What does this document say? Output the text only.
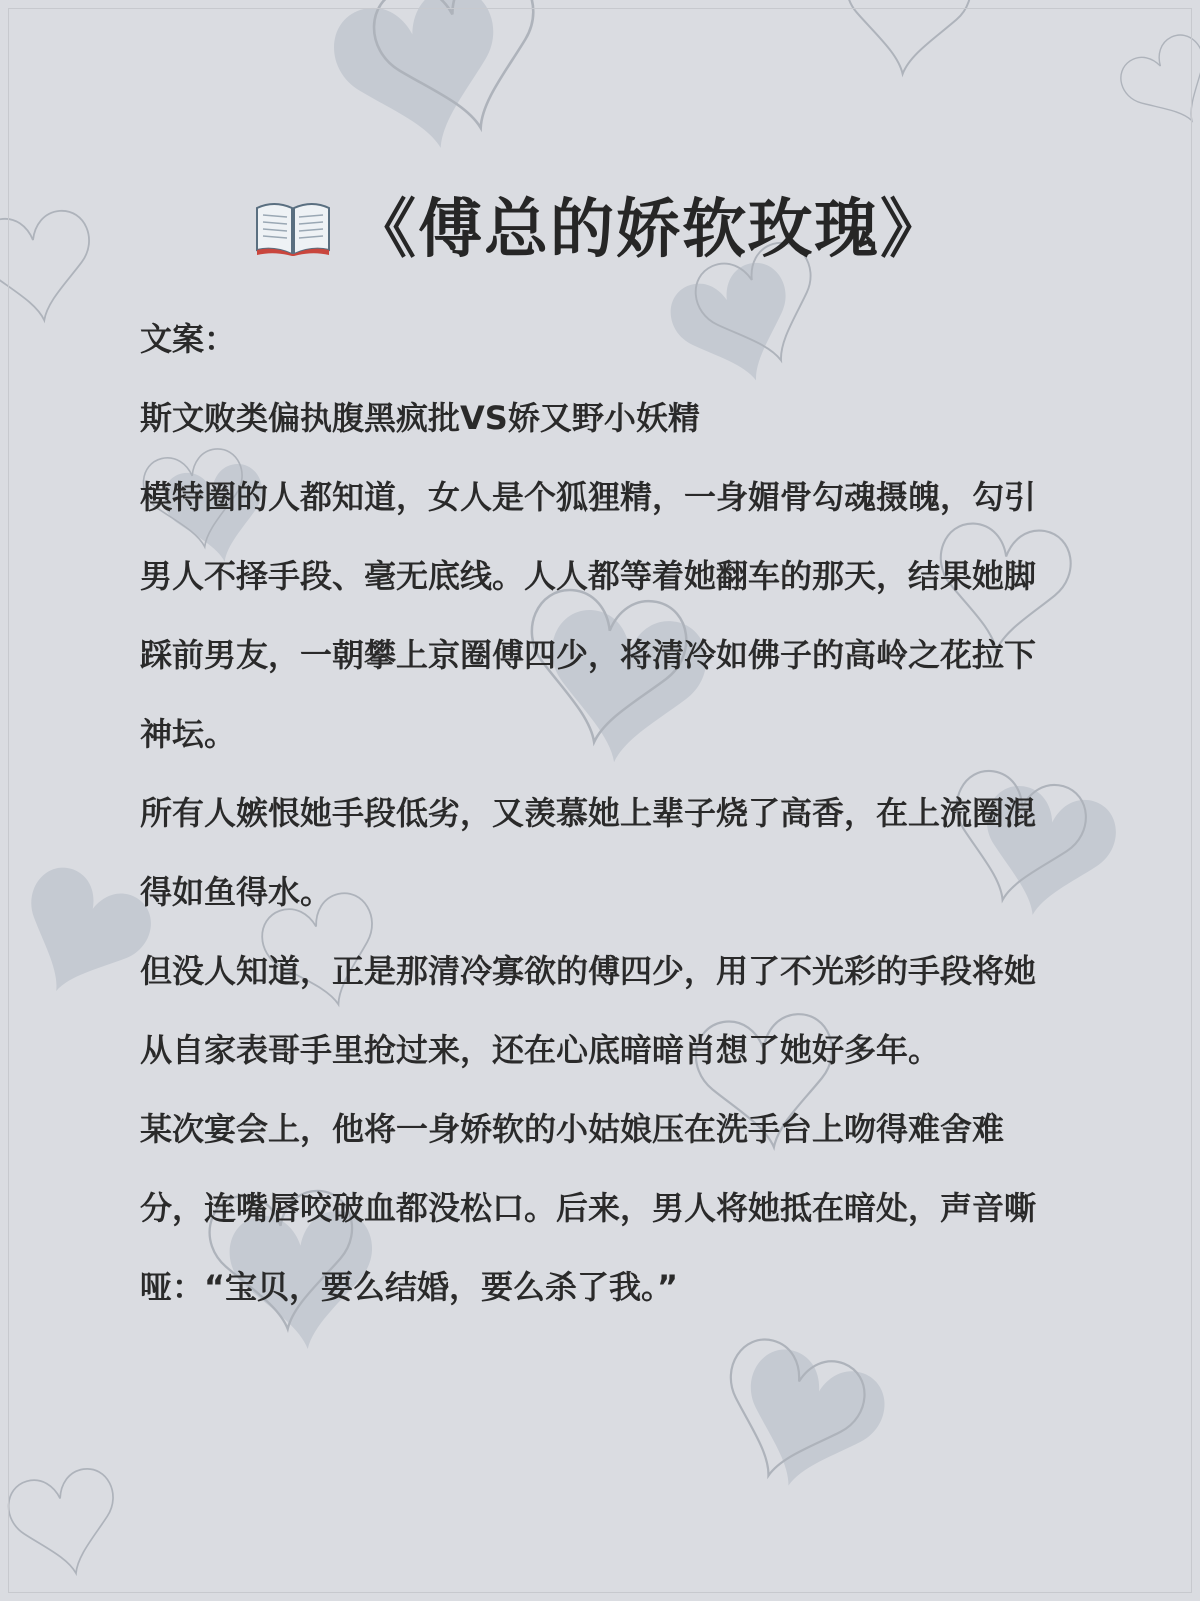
《傅总的娇软玫瑰》

文案：

斯文败类偏执腹黑疯批VS娇又野小妖精

模特圈的人都知道，女人是个狐狸精，一身媚骨勾魂摄魄，勾引男人不择手段、毫无底线。人人都等着她翻车的那天，结果她脚踩前男友，一朝攀上京圈傅四少，将清冷如佛子的高岭之花拉下神坛。

所有人嫉恨她手段低劣，又羡慕她上辈子烧了高香，在上流圈混得如鱼得水。

但没人知道，正是那清冷寡欲的傅四少，用了不光彩的手段将她从自家表哥手里抢过来，还在心底暗暗肖想了她好多年。

某次宴会上，他将一身娇软的小姑娘压在洗手台上吻得难舍难分，连嘴唇咬破血都没松口。后来，男人将她抵在暗处，声音嘶哑：“宝贝，要么结婚，要么杀了我。”
